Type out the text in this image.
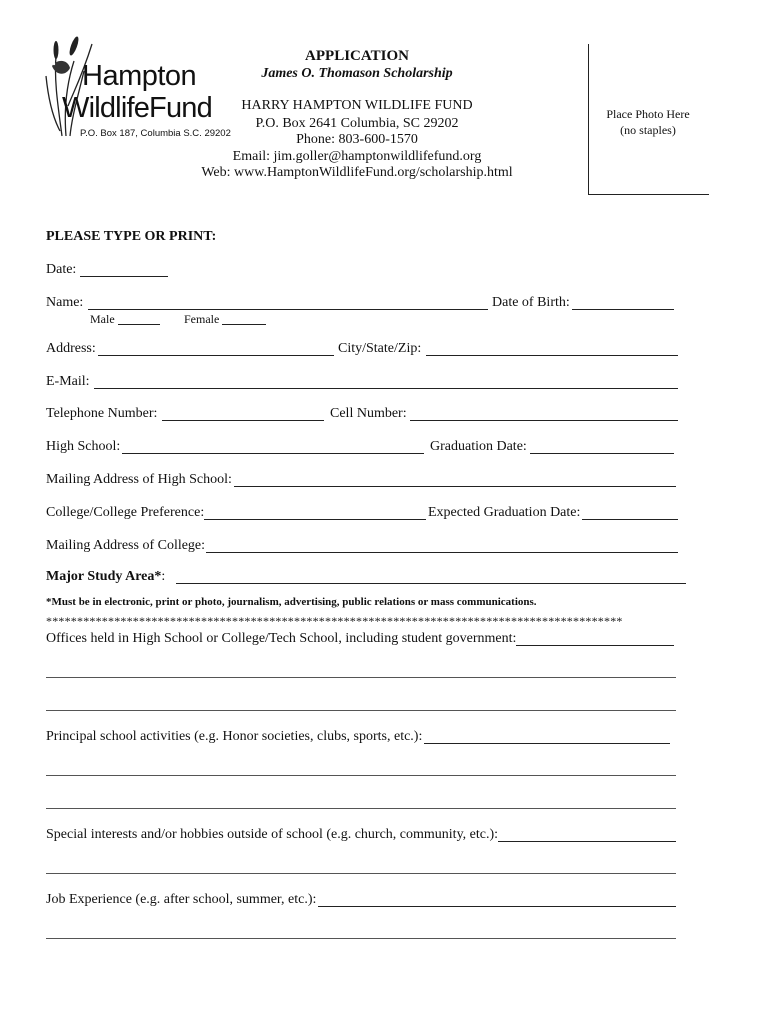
Hampton
WildlifeFund
P.O. Box 187, Columbia S.C. 29202
APPLICATION
James O. Thomason Scholarship
HARRY HAMPTON WILDLIFE FUND
P.O. Box 2641 Columbia, SC 29202
Phone: 803-600-1570
Email: jim.goller@hamptonwildlifefund.org
Web: www.HamptonWildlifeFund.org/scholarship.html
Place Photo Here
(no staples)
PLEASE TYPE OR PRINT:
Date:
Name:	Date of Birth:
Male	Female
Address:	City/State/Zip:
E-Mail:
Telephone Number:	Cell Number:
High School:	Graduation Date:
Mailing Address of High School:
College/College Preference:	Expected Graduation Date:
Mailing Address of College:
Major Study Area*:
*Must be in electronic, print or photo, journalism, advertising, public relations or mass communications.
*********************************************************************************************
Offices held in High School or College/Tech School, including student government:
Principal school activities (e.g. Honor societies, clubs, sports, etc.):
Special interests and/or hobbies outside of school (e.g. church, community, etc.):
Job Experience (e.g. after school, summer, etc.):
